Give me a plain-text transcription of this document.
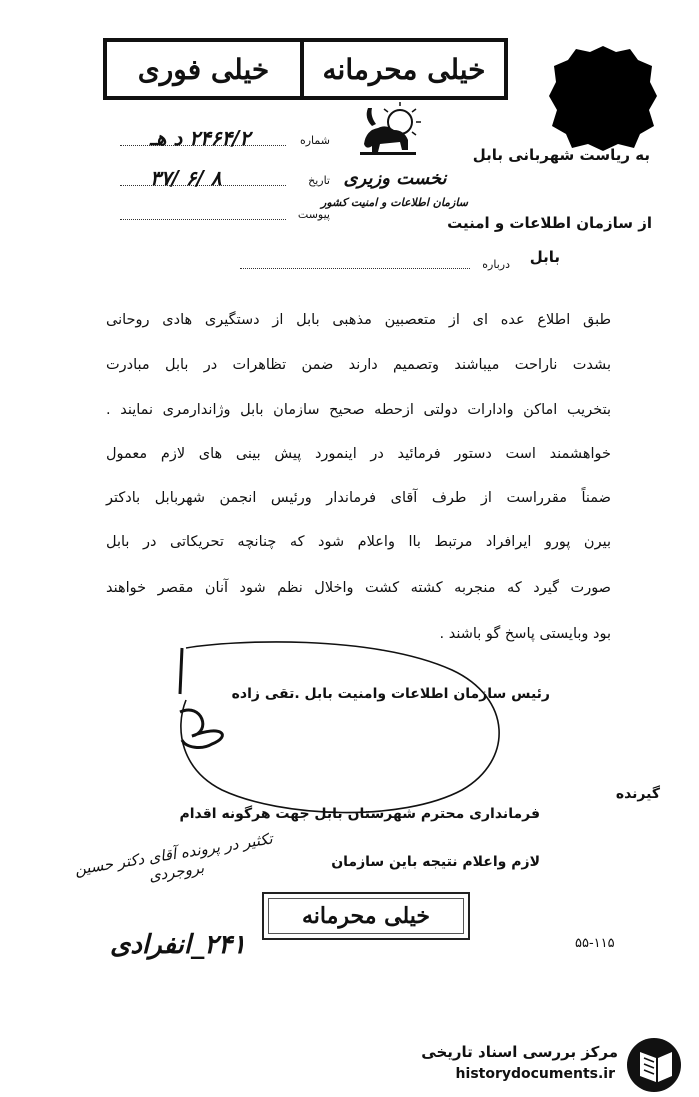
خیلی محرمانه
خیلی فوری
شماره
۲۴۶۴/۲ د هـ
تاریخ
۸ /۶ /۳۷
پیوست
نخست وزیری
سازمان اطلاعات و امنیت کشور
به ریاست شهربانی بابل
از سازمان اطلاعات و امنیت
بابل
درباره
طبق اطلاع عده ای از متعصبین مذهبی بابل از دستگیری هادی روحانی
بشدت ناراحت میباشند وتصمیم دارند ضمن تظاهرات در بابل مبادرت
بتخریب اماکن وادارات دولتی ازحطه صحیح سازمان بابل وژاندارمری نمایند .
خواهشمند است دستور فرمائید در اینمورد پیش بینی های لازم معمول
ضمناً مقرراست از طرف آقای فرماندار ورئیس انجمن شهربابل بادکتر
بیرن پورو ایرافراد مرتبط باا واعلام شود که چنانچه تحریکاتی در بابل
صورت گیرد که منجربه کشته کشت واخلال نظم شود آنان مقصر خواهند
بود وبایستی پاسخ گو باشند .
رئیس سازمان اطلاعات وامنیت بابل .تقی زاده
گیرنده
فرمانداری محترم شهرستان بابل جهت هرگونه اقدام
لازم واعلام نتیجه باین سازمان
تکثیر در پرونده آقای دکتر حسین بروجردی
خیلی محرمانه
۲۴۱_انفرادی	۵۵-۱۱۵
مرکز بررسی اسناد تاریخی
historydocuments.ir
